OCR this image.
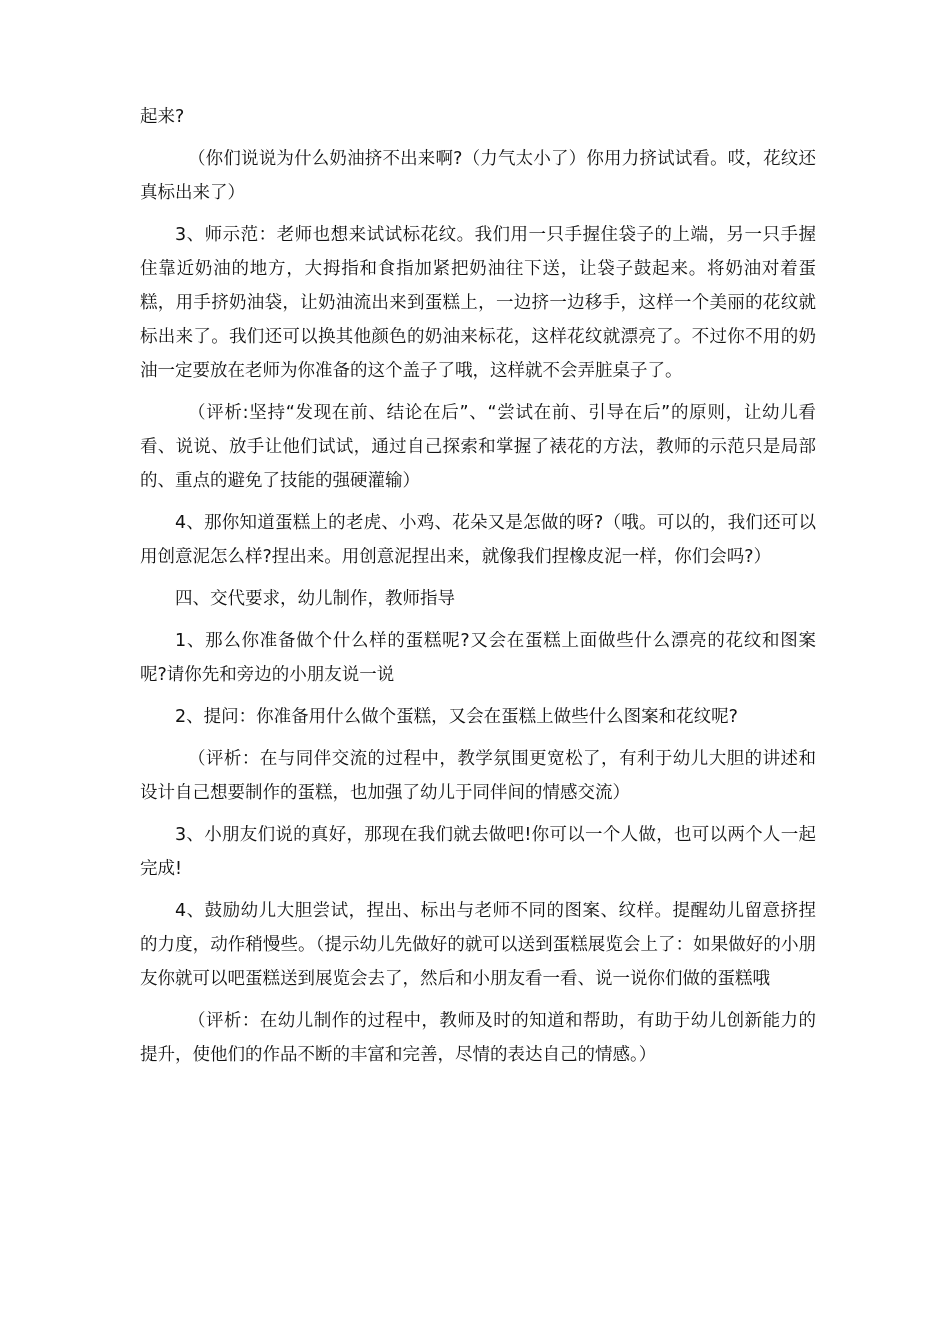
起来?

（你们说说为什么奶油挤不出来啊?（力气太小了）你用力挤试试看。哎，花纹还真标出来了）

3、师示范：老师也想来试试标花纹。我们用一只手握住袋子的上端，另一只手握住靠近奶油的地方，大拇指和食指加紧把奶油往下送，让袋子鼓起来。将奶油对着蛋糕，用手挤奶油袋，让奶油流出来到蛋糕上，一边挤一边移手，这样一个美丽的花纹就标出来了。我们还可以换其他颜色的奶油来标花，这样花纹就漂亮了。不过你不用的奶油一定要放在老师为你准备的这个盖子了哦，这样就不会弄脏桌子了。

（评析:坚持“发现在前、结论在后”、“尝试在前、引导在后”的原则，让幼儿看看、说说、放手让他们试试，通过自己探索和掌握了裱花的方法，教师的示范只是局部的、重点的避免了技能的强硬灌输）

4、那你知道蛋糕上的老虎、小鸡、花朵又是怎做的呀?（哦。可以的，我们还可以用创意泥怎么样?捏出来。用创意泥捏出来，就像我们捏橡皮泥一样，你们会吗?）

四、交代要求，幼儿制作，教师指导

1、那么你准备做个什么样的蛋糕呢?又会在蛋糕上面做些什么漂亮的花纹和图案呢?请你先和旁边的小朋友说一说

2、提问：你准备用什么做个蛋糕，又会在蛋糕上做些什么图案和花纹呢?

（评析：在与同伴交流的过程中，教学氛围更宽松了，有利于幼儿大胆的讲述和设计自己想要制作的蛋糕，也加强了幼儿于同伴间的情感交流）

3、小朋友们说的真好，那现在我们就去做吧!你可以一个人做，也可以两个人一起完成!

4、鼓励幼儿大胆尝试，捏出、标出与老师不同的图案、纹样。提醒幼儿留意挤捏的力度，动作稍慢些。（提示幼儿先做好的就可以送到蛋糕展览会上了：如果做好的小朋友你就可以吧蛋糕送到展览会去了，然后和小朋友看一看、说一说你们做的蛋糕哦

（评析：在幼儿制作的过程中，教师及时的知道和帮助，有助于幼儿创新能力的提升，使他们的作品不断的丰富和完善，尽情的表达自己的情感。）
